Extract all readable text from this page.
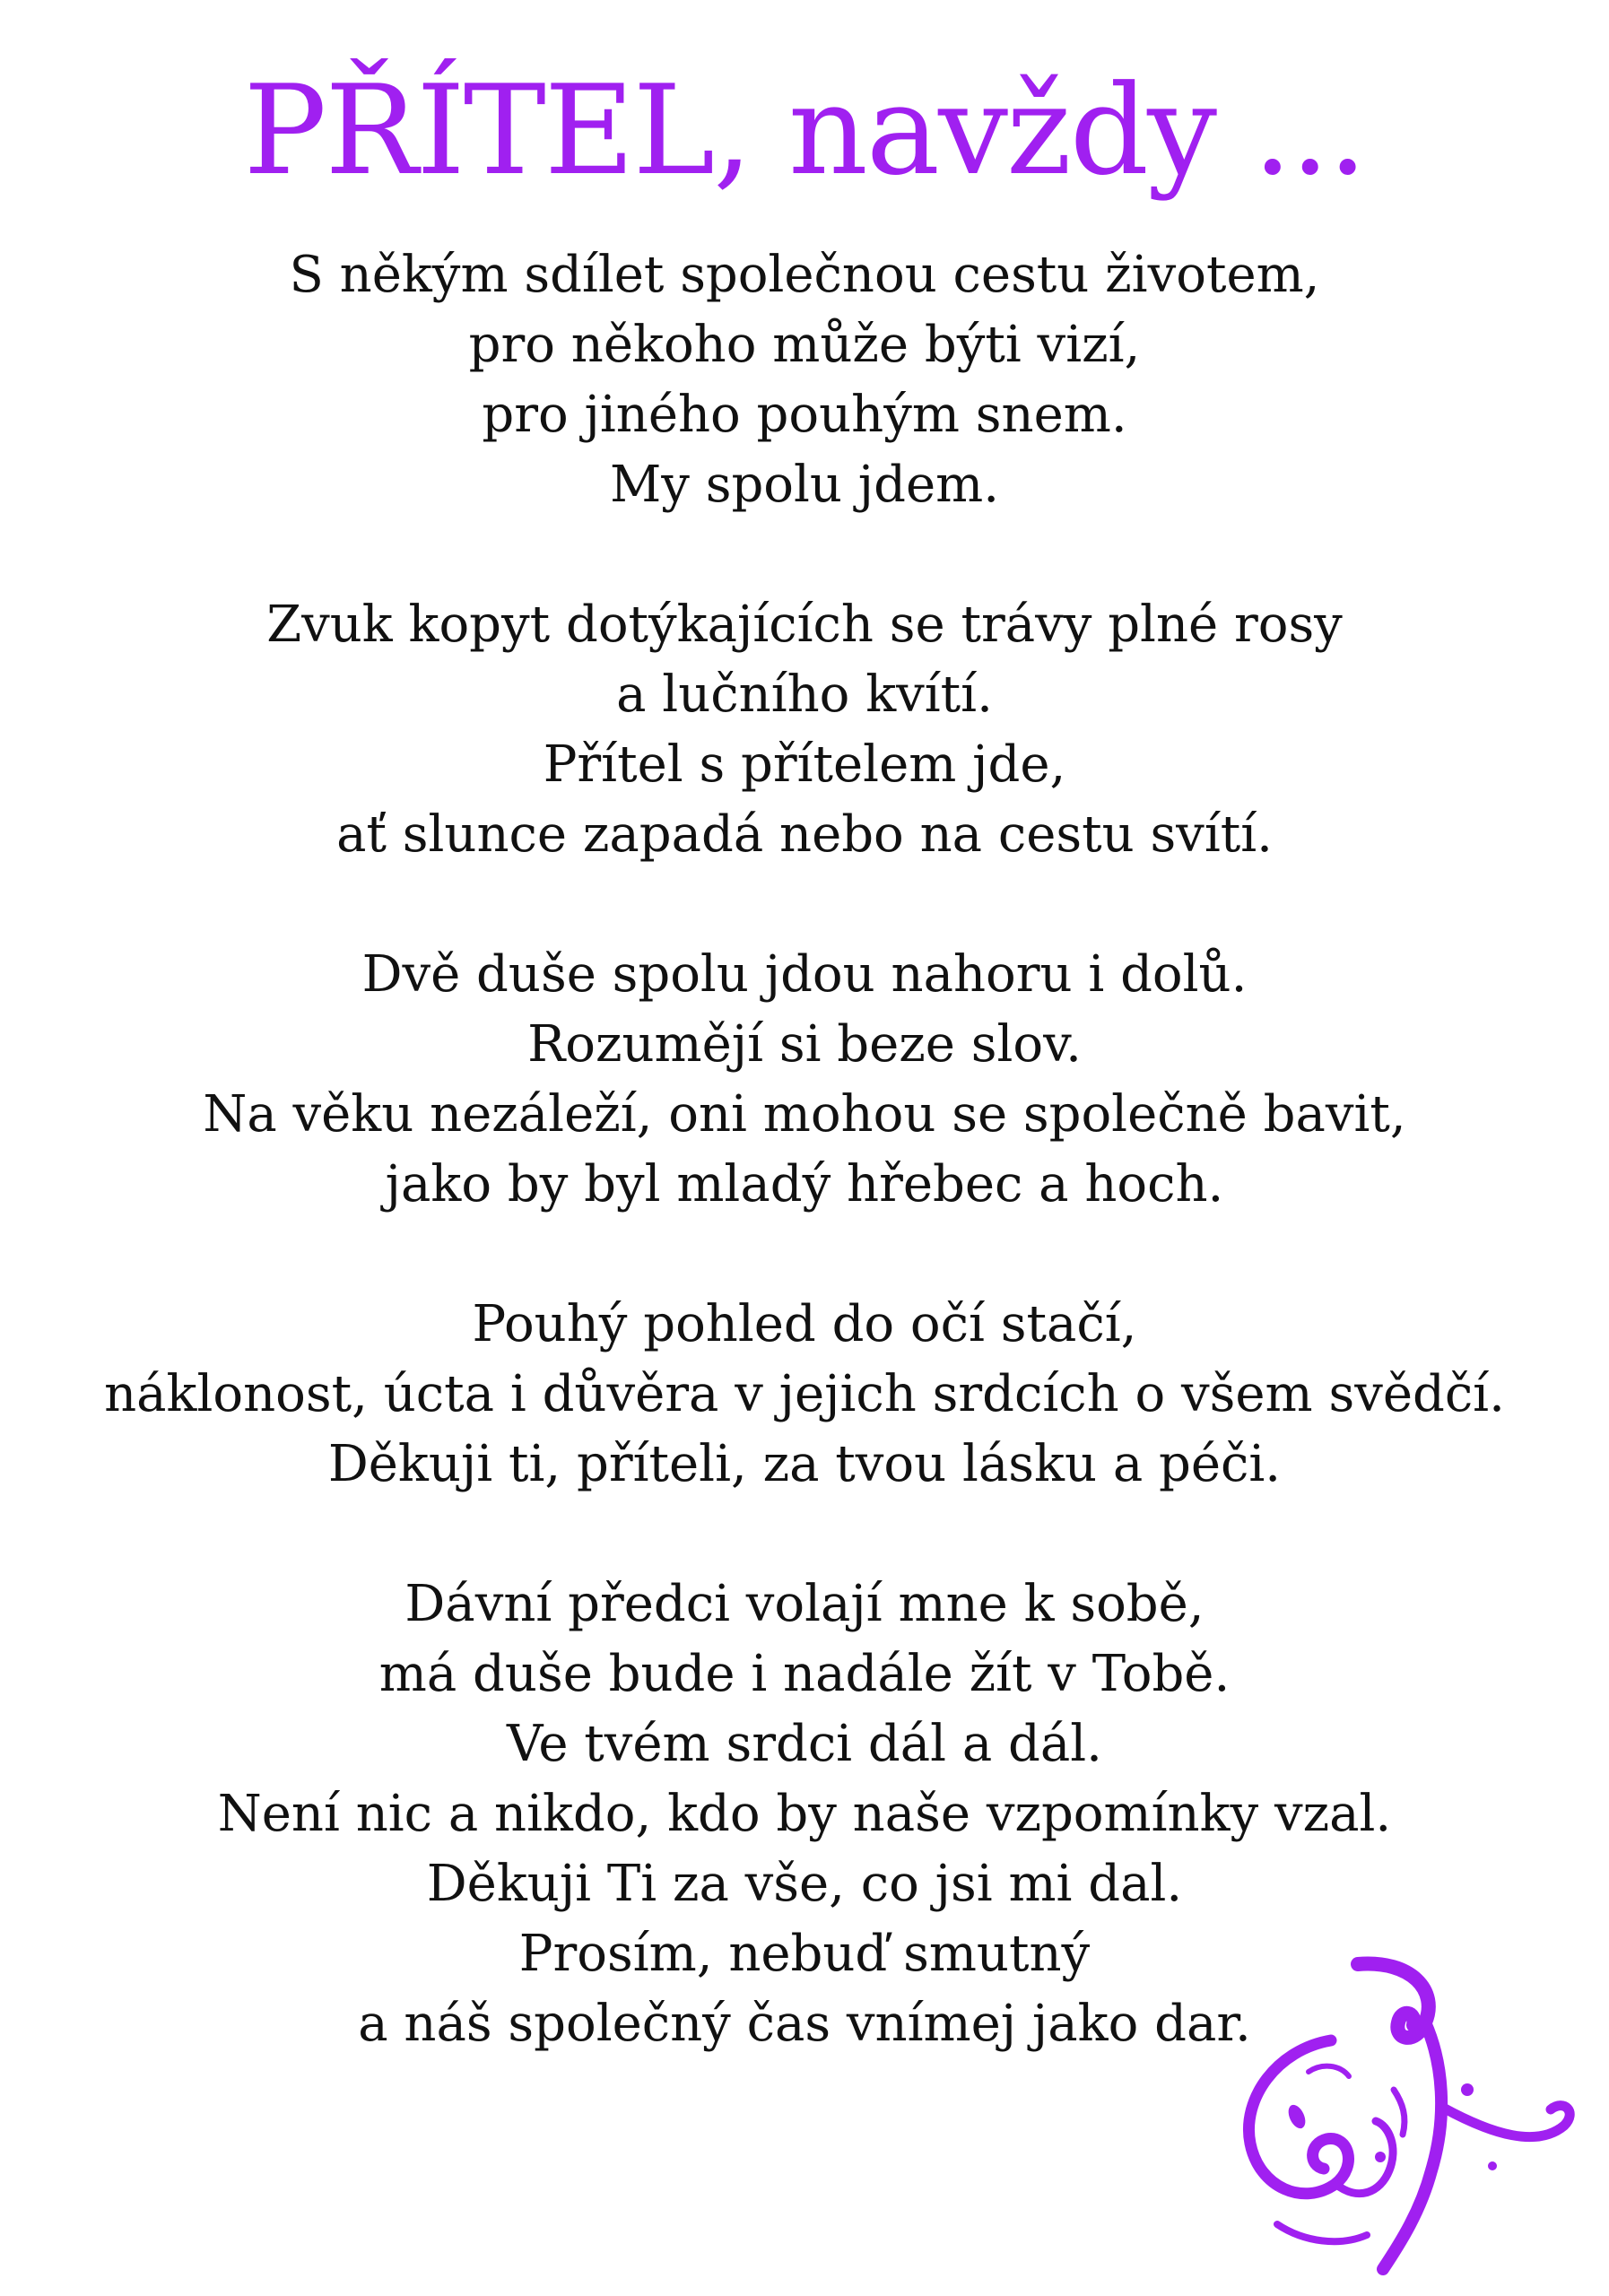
PŘÍTEL, navždy ...
S někým sdílet společnou cestu životem,
pro někoho může býti vizí,
pro jiného pouhým snem.
My spolu jdem.
Zvuk kopyt dotýkajících se trávy plné rosy
a lučního kvítí.
Přítel s přítelem jde,
ať slunce zapadá nebo na cestu svítí.
Dvě duše spolu jdou nahoru i dolů.
Rozumějí si beze slov.
Na věku nezáleží, oni mohou se společně bavit,
jako by byl mladý hřebec a hoch.
Pouhý pohled do očí stačí,
náklonost, úcta i důvěra v jejich srdcích o všem svědčí.
Děkuji ti, příteli, za tvou lásku a péči.
Dávní předci volají mne k sobě,
má duše bude i nadále žít v Tobě.
Ve tvém srdci dál a dál.
Není nic a nikdo, kdo by naše vzpomínky vzal.
Děkuji Ti za vše, co jsi mi dal.
Prosím, nebuď smutný
a náš společný čas vnímej jako dar.
